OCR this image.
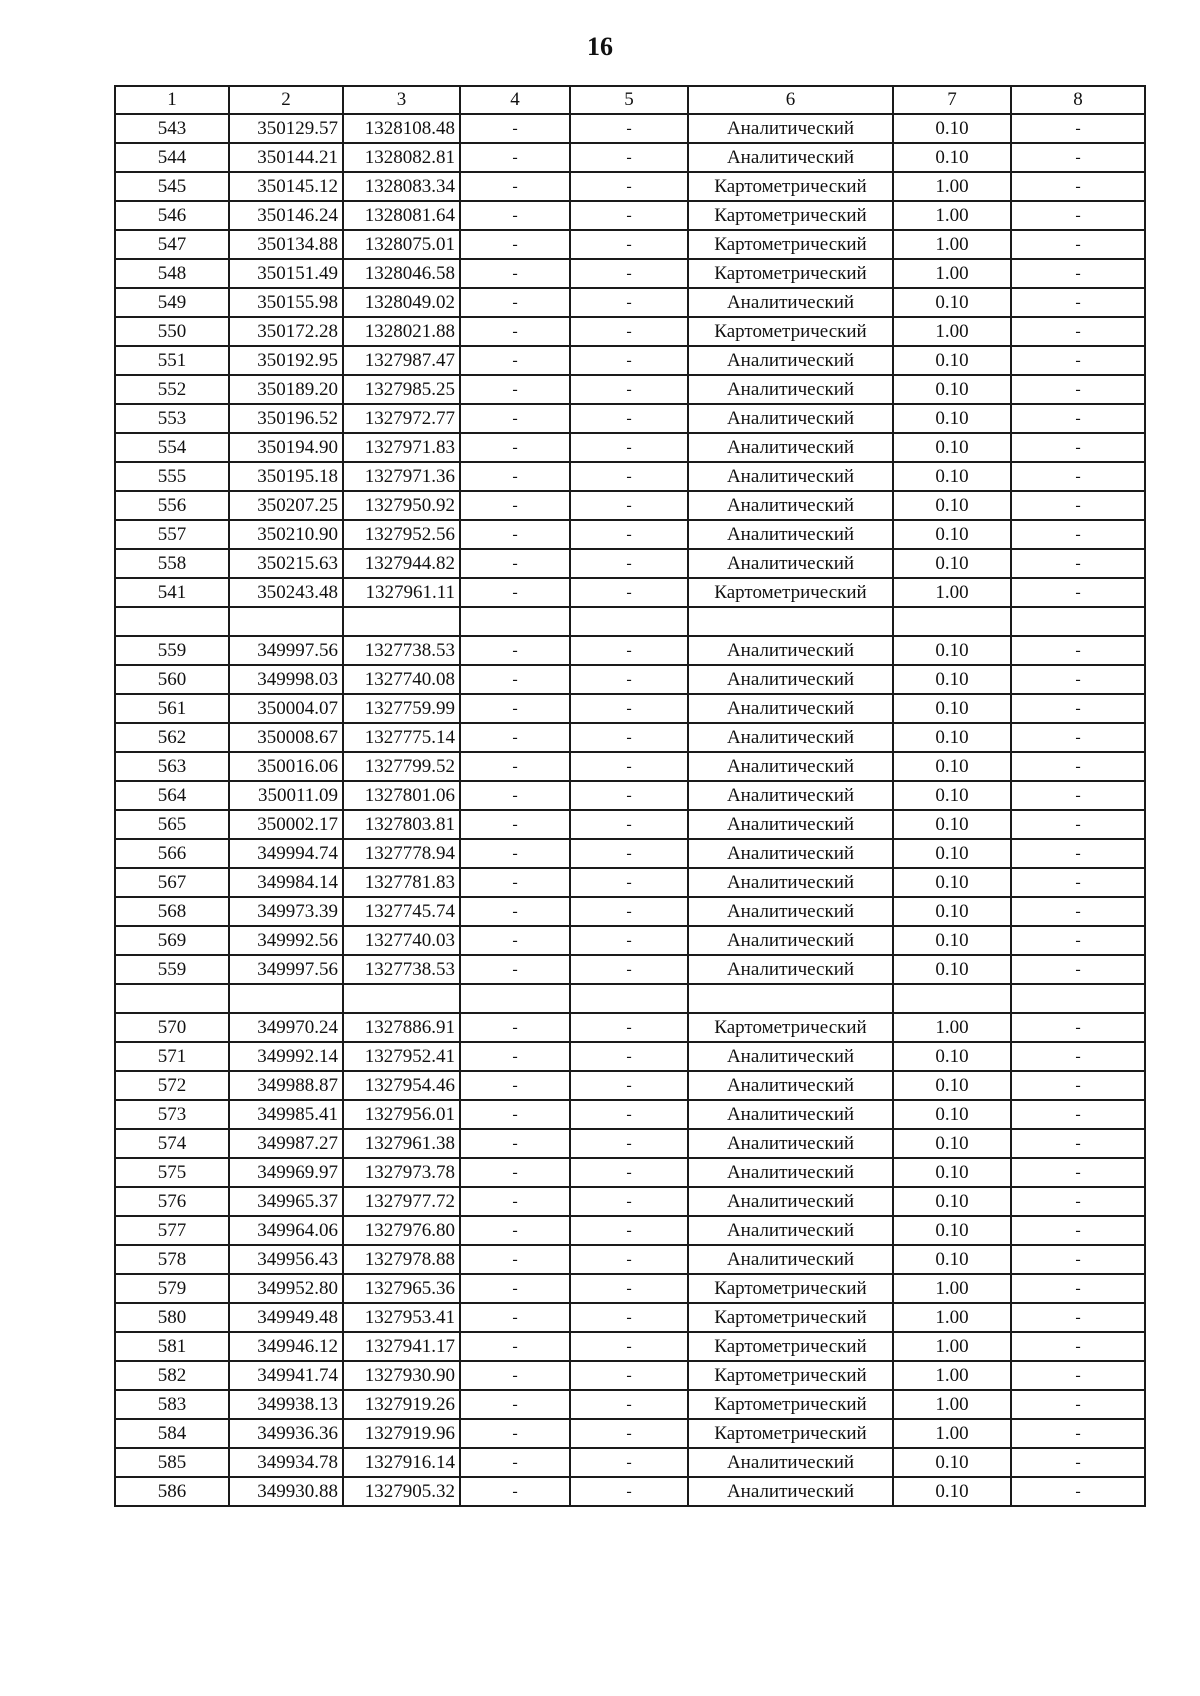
16
1	2	3	4	5	6	7	8
543	350129.57	1328108.48	-	-	Аналитический	0.10	-
544	350144.21	1328082.81	-	-	Аналитический	0.10	-
545	350145.12	1328083.34	-	-	Картометрический	1.00	-
546	350146.24	1328081.64	-	-	Картометрический	1.00	-
547	350134.88	1328075.01	-	-	Картометрический	1.00	-
548	350151.49	1328046.58	-	-	Картометрический	1.00	-
549	350155.98	1328049.02	-	-	Аналитический	0.10	-
550	350172.28	1328021.88	-	-	Картометрический	1.00	-
551	350192.95	1327987.47	-	-	Аналитический	0.10	-
552	350189.20	1327985.25	-	-	Аналитический	0.10	-
553	350196.52	1327972.77	-	-	Аналитический	0.10	-
554	350194.90	1327971.83	-	-	Аналитический	0.10	-
555	350195.18	1327971.36	-	-	Аналитический	0.10	-
556	350207.25	1327950.92	-	-	Аналитический	0.10	-
557	350210.90	1327952.56	-	-	Аналитический	0.10	-
558	350215.63	1327944.82	-	-	Аналитический	0.10	-
541	350243.48	1327961.11	-	-	Картометрический	1.00	-

559	349997.56	1327738.53	-	-	Аналитический	0.10	-
560	349998.03	1327740.08	-	-	Аналитический	0.10	-
561	350004.07	1327759.99	-	-	Аналитический	0.10	-
562	350008.67	1327775.14	-	-	Аналитический	0.10	-
563	350016.06	1327799.52	-	-	Аналитический	0.10	-
564	350011.09	1327801.06	-	-	Аналитический	0.10	-
565	350002.17	1327803.81	-	-	Аналитический	0.10	-
566	349994.74	1327778.94	-	-	Аналитический	0.10	-
567	349984.14	1327781.83	-	-	Аналитический	0.10	-
568	349973.39	1327745.74	-	-	Аналитический	0.10	-
569	349992.56	1327740.03	-	-	Аналитический	0.10	-
559	349997.56	1327738.53	-	-	Аналитический	0.10	-

570	349970.24	1327886.91	-	-	Картометрический	1.00	-
571	349992.14	1327952.41	-	-	Аналитический	0.10	-
572	349988.87	1327954.46	-	-	Аналитический	0.10	-
573	349985.41	1327956.01	-	-	Аналитический	0.10	-
574	349987.27	1327961.38	-	-	Аналитический	0.10	-
575	349969.97	1327973.78	-	-	Аналитический	0.10	-
576	349965.37	1327977.72	-	-	Аналитический	0.10	-
577	349964.06	1327976.80	-	-	Аналитический	0.10	-
578	349956.43	1327978.88	-	-	Аналитический	0.10	-
579	349952.80	1327965.36	-	-	Картометрический	1.00	-
580	349949.48	1327953.41	-	-	Картометрический	1.00	-
581	349946.12	1327941.17	-	-	Картометрический	1.00	-
582	349941.74	1327930.90	-	-	Картометрический	1.00	-
583	349938.13	1327919.26	-	-	Картометрический	1.00	-
584	349936.36	1327919.96	-	-	Картометрический	1.00	-
585	349934.78	1327916.14	-	-	Аналитический	0.10	-
586	349930.88	1327905.32	-	-	Аналитический	0.10	-
